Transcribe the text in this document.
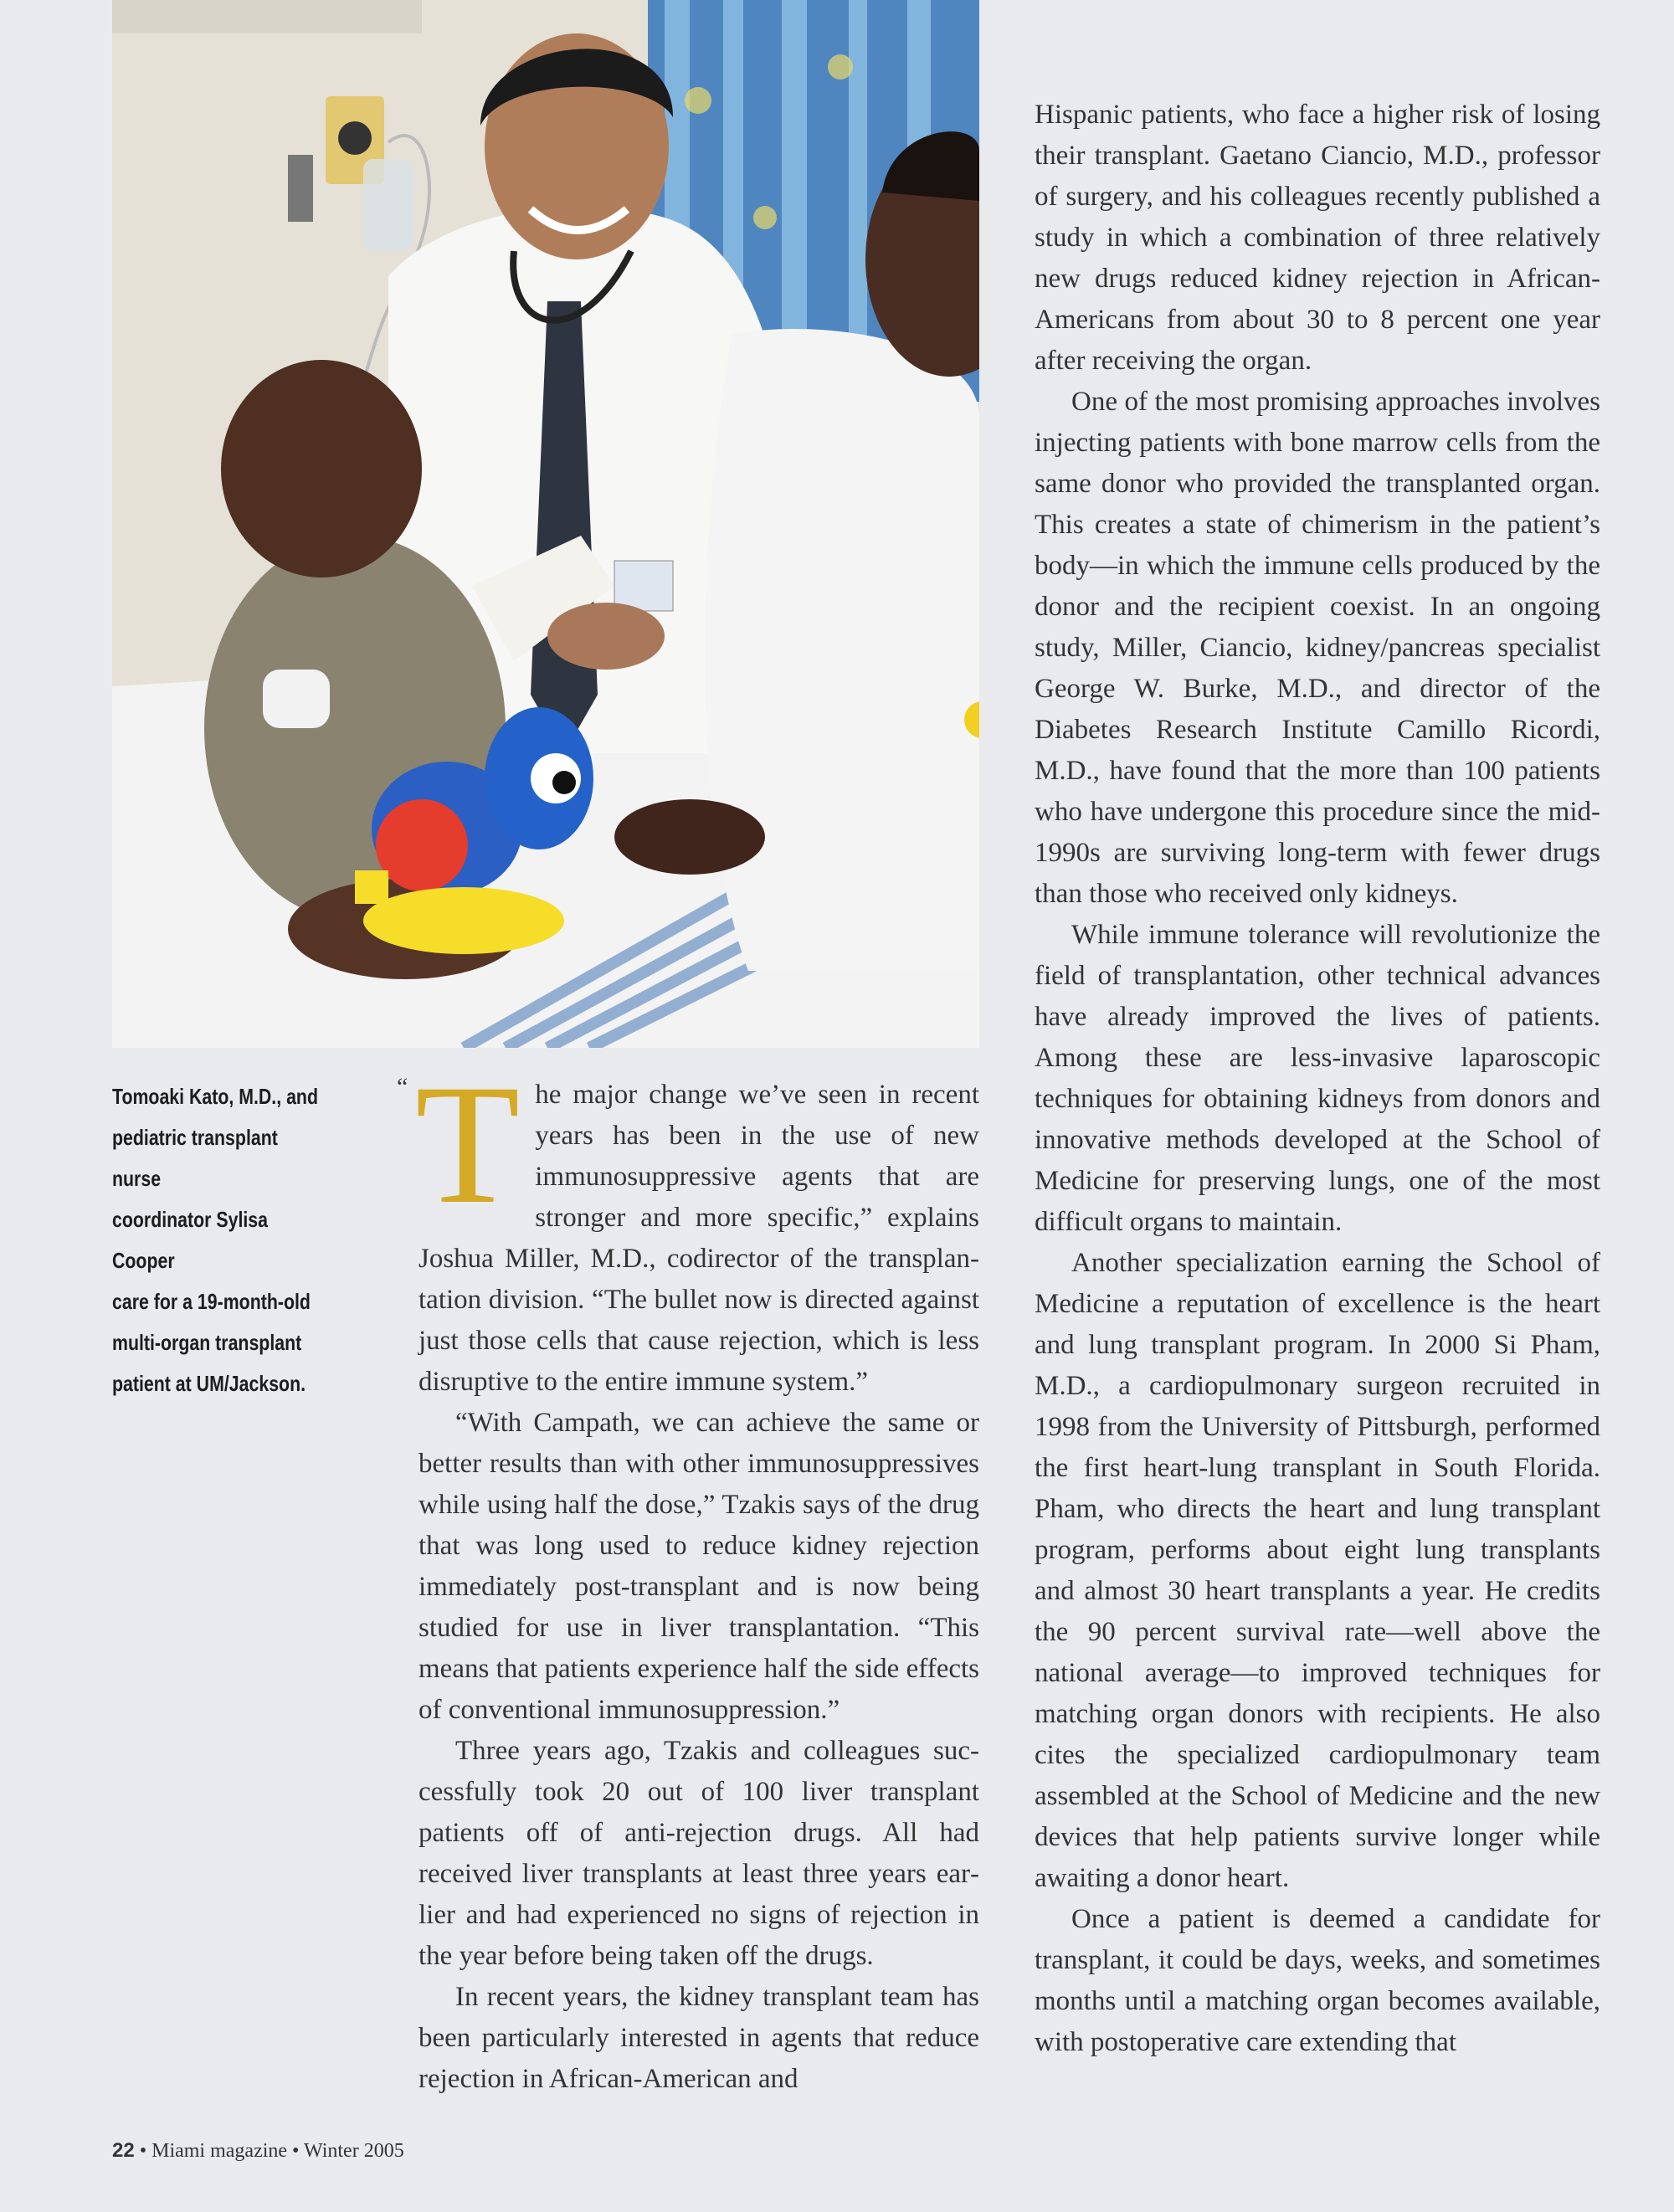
Tomoaki Kato, M.D., and
pediatric transplant nurse
coordinator Sylisa Cooper
care for a 19-month-old
multi-organ transplant
patient at UM/Jackson.
“ The major change we’ve seen in recent years has been in the use of new immunosuppressive agents that are stronger and more specific,” explains Joshua Miller, M.D., codirector of the transplantation division. “The bullet now is directed against just those cells that cause rejection, which is less disruptive to the entire immune system.”

“With Campath, we can achieve the same or better results than with other immunosuppressives while using half the dose,” Tzakis says of the drug that was long used to reduce kidney rejection immediately post-transplant and is now being studied for use in liver transplantation. “This means that patients experience half the side effects of conventional immunosuppression.”

Three years ago, Tzakis and colleagues successfully took 20 out of 100 liver transplant patients off of anti-rejection drugs. All had received liver transplants at least three years earlier and had experienced no signs of rejection in the year before being taken off the drugs.

In recent years, the kidney transplant team has been particularly interested in agents that reduce rejection in African-American and

Hispanic patients, who face a higher risk of losing their transplant. Gaetano Ciancio, M.D., professor of surgery, and his colleagues recently published a study in which a combination of three relatively new drugs reduced kidney rejection in African-Americans from about 30 to 8 percent one year after receiving the organ.

One of the most promising approaches involves injecting patients with bone marrow cells from the same donor who provided the transplanted organ. This creates a state of chimerism in the patient’s body—in which the immune cells produced by the donor and the recipient coexist. In an ongoing study, Miller, Ciancio, kidney/pancreas specialist George W. Burke, M.D., and director of the Diabetes Research Institute Camillo Ricordi, M.D., have found that the more than 100 patients who have undergone this procedure since the mid-1990s are surviving long-term with fewer drugs than those who received only kidneys.

While immune tolerance will revolutionize the field of transplantation, other technical advances have already improved the lives of patients. Among these are less-invasive laparoscopic techniques for obtaining kidneys from donors and innovative methods developed at the School of Medicine for preserving lungs, one of the most difficult organs to maintain.

Another specialization earning the School of Medicine a reputation of excellence is the heart and lung transplant program. In 2000 Si Pham, M.D., a cardiopulmonary surgeon recruited in 1998 from the University of Pittsburgh, performed the first heart-lung transplant in South Florida. Pham, who directs the heart and lung transplant program, performs about eight lung transplants and almost 30 heart transplants a year. He credits the 90 percent survival rate—well above the national average—to improved techniques for matching organ donors with recipients. He also cites the specialized cardiopulmonary team assembled at the School of Medicine and the new devices that help patients survive longer while awaiting a donor heart.

Once a patient is deemed a candidate for transplant, it could be days, weeks, and sometimes months until a matching organ becomes available, with postoperative care extending that

22 • Miami magazine • Winter 2005
